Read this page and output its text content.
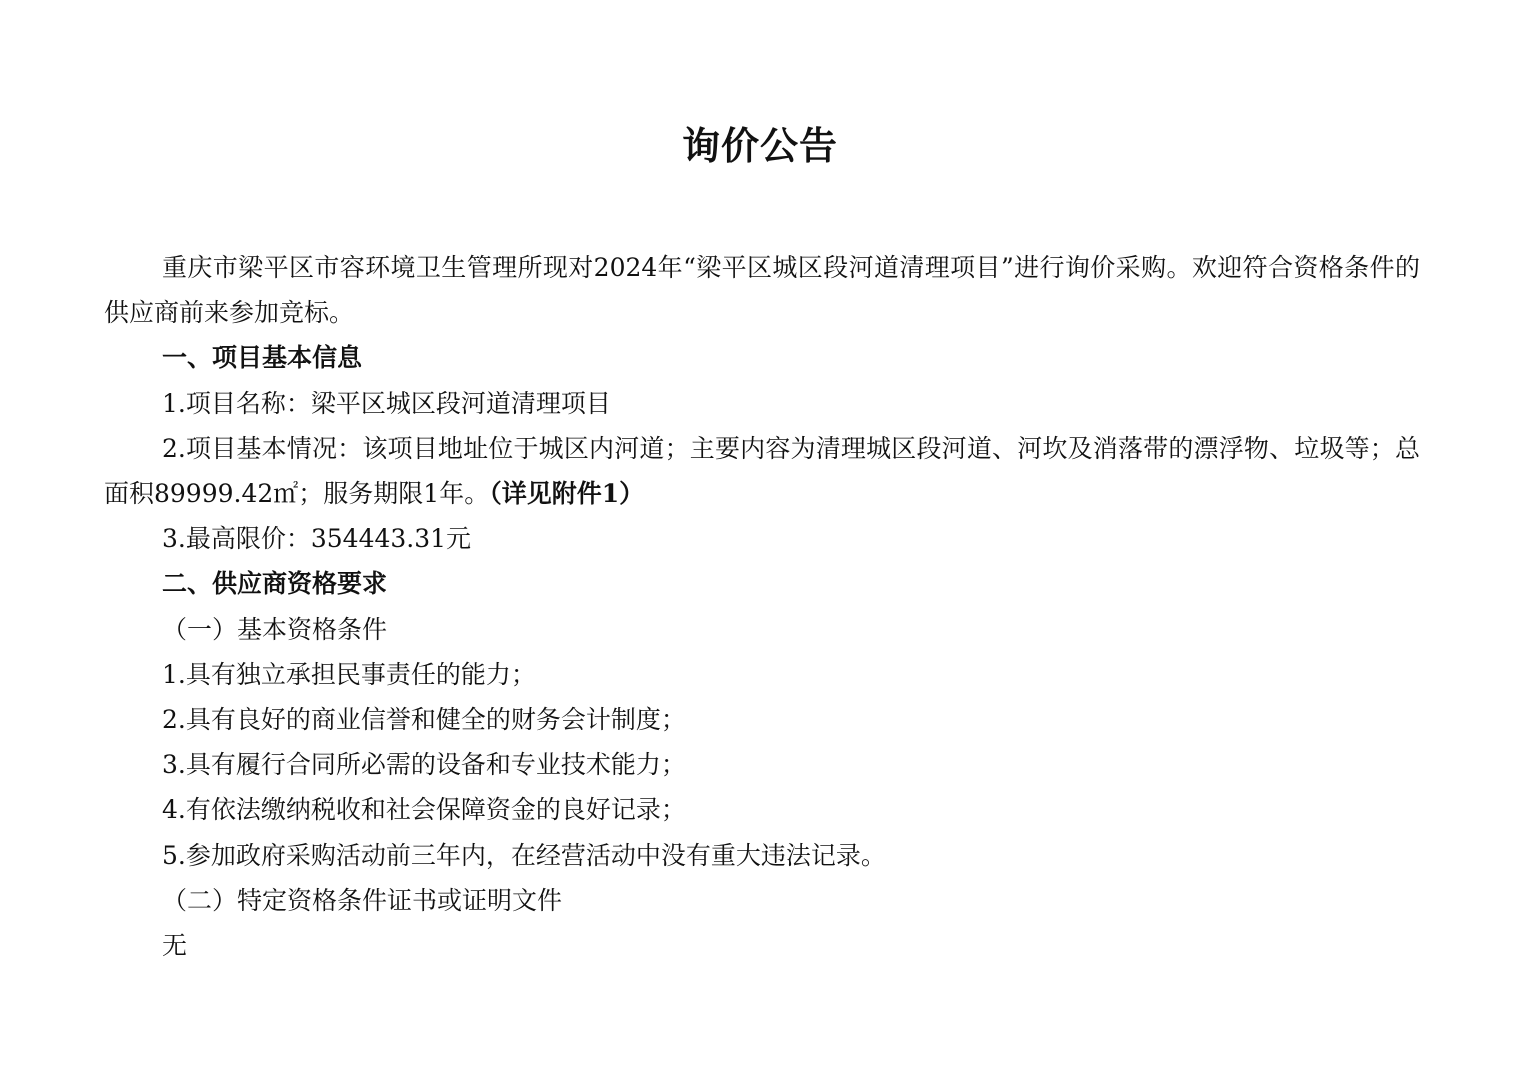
询价公告

重庆市梁平区市容环境卫生管理所现对2024年“梁平区城区段河道清理项目”进行询价采购。欢迎符合资格条件的供应商前来参加竞标。

一、项目基本信息

1.项目名称：梁平区城区段河道清理项目

2.项目基本情况：该项目地址位于城区内河道；主要内容为清理城区段河道、河坎及消落带的漂浮物、垃圾等；总面积89999.42㎡；服务期限1年。（详见附件1）

3.最高限价：354443.31元

二、供应商资格要求

（一）基本资格条件

1.具有独立承担民事责任的能力；

2.具有良好的商业信誉和健全的财务会计制度；

3.具有履行合同所必需的设备和专业技术能力；

4.有依法缴纳税收和社会保障资金的良好记录；

5.参加政府采购活动前三年内，在经营活动中没有重大违法记录。

（二）特定资格条件证书或证明文件

无
